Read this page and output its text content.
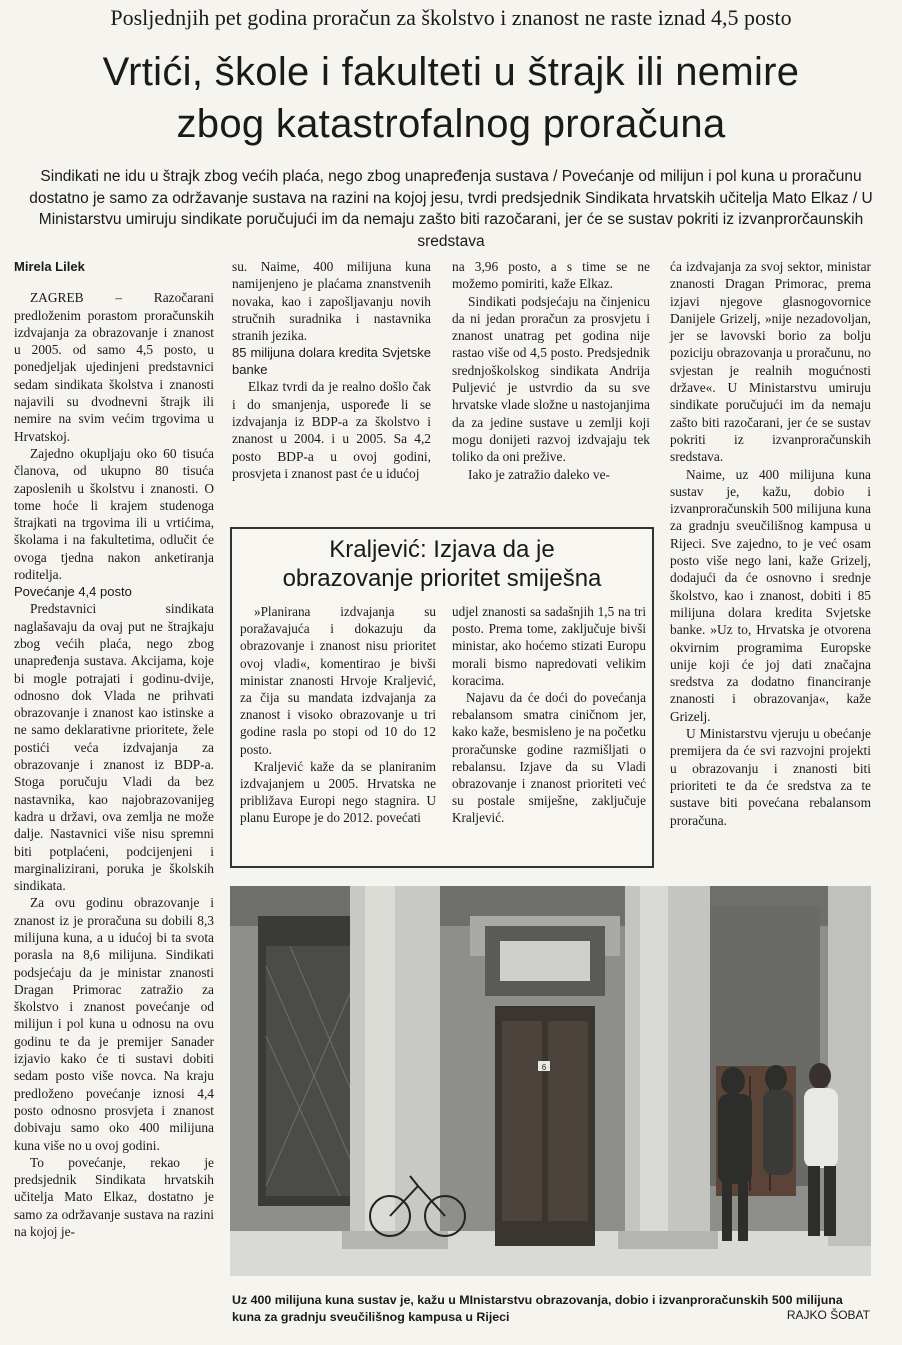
Posljednjih pet godina proračun za školstvo i znanost ne raste iznad 4,5 posto
Vrtići, škole i fakulteti u štrajk ili nemire
zbog katastrofalnog proračuna
Sindikati ne idu u štrajk zbog većih plaća, nego zbog unapređenja sustava / Povećanje od milijun i pol kuna u proračunu dostatno je samo za održavanje sustava na razini na kojoj jesu, tvrdi predsjednik Sindikata hrvatskih učitelja Mato Elkaz / U Ministarstvu umiruju sindikate poručujući im da nemaju zašto biti razočarani, jer će se sustav pokriti iz izvanprorčaunskih sredstava
Mirela Lilek

ZAGREB – Razočarani predloženim porastom proračunskih izdvajanja za obrazovanje i znanost u 2005. od samo 4,5 posto, u ponedjeljak ujedinjeni predstavnici sedam sindikata školstva i znanosti najavili su dvodnevni štrajk ili nemire na svim većim trgovima u Hrvatskoj.

Zajedno okupljaju oko 60 tisuća članova, od ukupno 80 tisuća zaposlenih u školstvu i znanosti. O tome hoće li krajem studenoga štrajkati na trgovima ili u vrtićima, školama i na fakultetima, odlučit će ovoga tjedna nakon anketiranja roditelja.

Povećanje 4,4 posto

Predstavnici sindikata naglašavaju da ovaj put ne štrajkaju zbog većih plaća, nego zbog unapređenja sustava. Akcijama, koje bi mogle potrajati i godinu-dvije, odnosno dok Vlada ne prihvati obrazovanje i znanost kao istinske a ne samo deklarativne prioritete, žele postići veća izdvajanja za obrazovanje i znanost iz BDP-a. Stoga poručuju Vladi da bez nastavnika, kao najobrazovanijeg kadra u državi, ova zemlja ne može dalje. Nastavnici više nisu spremni biti potplaćeni, podcijenjeni i marginalizirani, poruka je školskih sindikata.

Za ovu godinu obrazovanje i znanost iz je proračuna su dobili 8,3 milijuna kuna, a u idućoj bi ta svota porasla na 8,6 milijuna. Sindikati podsjećaju da je ministar znanosti Dragan Primorac zatražio za školstvo i znanost povećanje od milijun i pol kuna u odnosu na ovu godinu te da je premijer Sanader izjavio kako će ti sustavi dobiti sedam posto više novca. Na kraju predloženo povećanje iznosi 4,4 posto odnosno prosvjeta i znanost dobivaju samo oko 400 milijuna kuna više no u ovoj godini.

To povećanje, rekao je predsjednik Sindikata hrvatskih učitelja Mato Elkaz, dostatno je samo za održavanje sustava na razini na kojoj je-

su. Naime, 400 milijuna kuna namijenjeno je plaćama znanstvenih novaka, kao i zapošljavanju novih stručnih suradnika i nastavnika stranih jezika.

85 milijuna dolara kredita Svjetske banke

Elkaz tvrdi da je realno došlo čak i do smanjenja, uspoređe li se izdvajanja iz BDP-a za školstvo i znanost u 2004. i u 2005. Sa 4,2 posto BDP-a u ovoj godini, prosvjeta i znanost past će u idućoj

na 3,96 posto, a s time se ne možemo pomiriti, kaže Elkaz.

Sindikati podsjećaju na činjenicu da ni jedan proračun za prosvjetu i znanost unatrag pet godina nije rastao više od 4,5 posto. Predsjednik srednjoškolskog sindikata Andrija Puljević je ustvrdio da su sve hrvatske vlade složne u nastojanjima da za jedine sustave u zemlji koji mogu donijeti razvoj izdvajaju tek toliko da oni prežive.

Iako je zatražio daleko ve-

ća izdvajanja za svoj sektor, ministar znanosti Dragan Primorac, prema izjavi njegove glasnogovornice Danijele Grizelj, »nije nezadovoljan, jer se lavovski borio za bolju poziciju obrazovanja u proračunu, no svjestan je realnih mogućnosti države«. U Ministarstvu umiruju sindikate poručujući im da nemaju zašto biti razočarani, jer će se sustav pokriti iz izvanproračunskih sredstava.

Naime, uz 400 milijuna kuna sustav je, kažu, dobio i izvanproračunskih 500 milijuna kuna za gradnju sveučilišnog kampusa u Rijeci. Sve zajedno, to je već osam posto više nego lani, kaže Grizelj, dodajući da će osnovno i srednje školstvo, kao i znanost, dobiti i 85 milijuna dolara kredita Svjetske banke. »Uz to, Hrvatska je otvorena okvirnim programima Europske unije koji će joj dati značajna sredstva za dodatno financiranje znanosti i obrazovanja«, kaže Grizelj.

U Ministarstvu vjeruju u obećanje premijera da će svi razvojni projekti u obrazovanju i znanosti biti prioriteti te da će sredstva za te sustave biti povećana rebalansom proračuna.

Kraljević: Izjava da je
obrazovanje prioritet smiješna

»Planirana izdvajanja su poražavajuća i dokazuju da obrazovanje i znanost nisu prioritet ovoj vladi«, komentirao je bivši ministar znanosti Hrvoje Kraljević, za čija su mandata izdvajanja za znanost i visoko obrazovanje u tri godine rasla po stopi od 10 do 12 posto.

Kraljević kaže da se planiranim izdvajanjem u 2005. Hrvatska ne približava Europi nego stagnira. U planu Europe je do 2012. povećati

udjel znanosti sa sadašnjih 1,5 na tri posto. Prema tome, zaključuje bivši ministar, ako hoćemo stizati Europu morali bismo napredovati velikim koracima.

Najavu da će doći do povećanja rebalansom smatra ciničnom jer, kako kaže, besmisleno je na početku proračunske godine razmišljati o rebalansu. Izjave da su Vladi obrazovanje i znanost prioriteti već su postale smiješne, zaključuje Kraljević.

6
Uz 400 milijuna kuna sustav je, kažu u MInistarstvu obrazovanja, dobio i izvanproračunskih 500 milijuna kuna za gradnju sveučilišnog kampusa u Rijeci	RAJKO ŠOBAT
